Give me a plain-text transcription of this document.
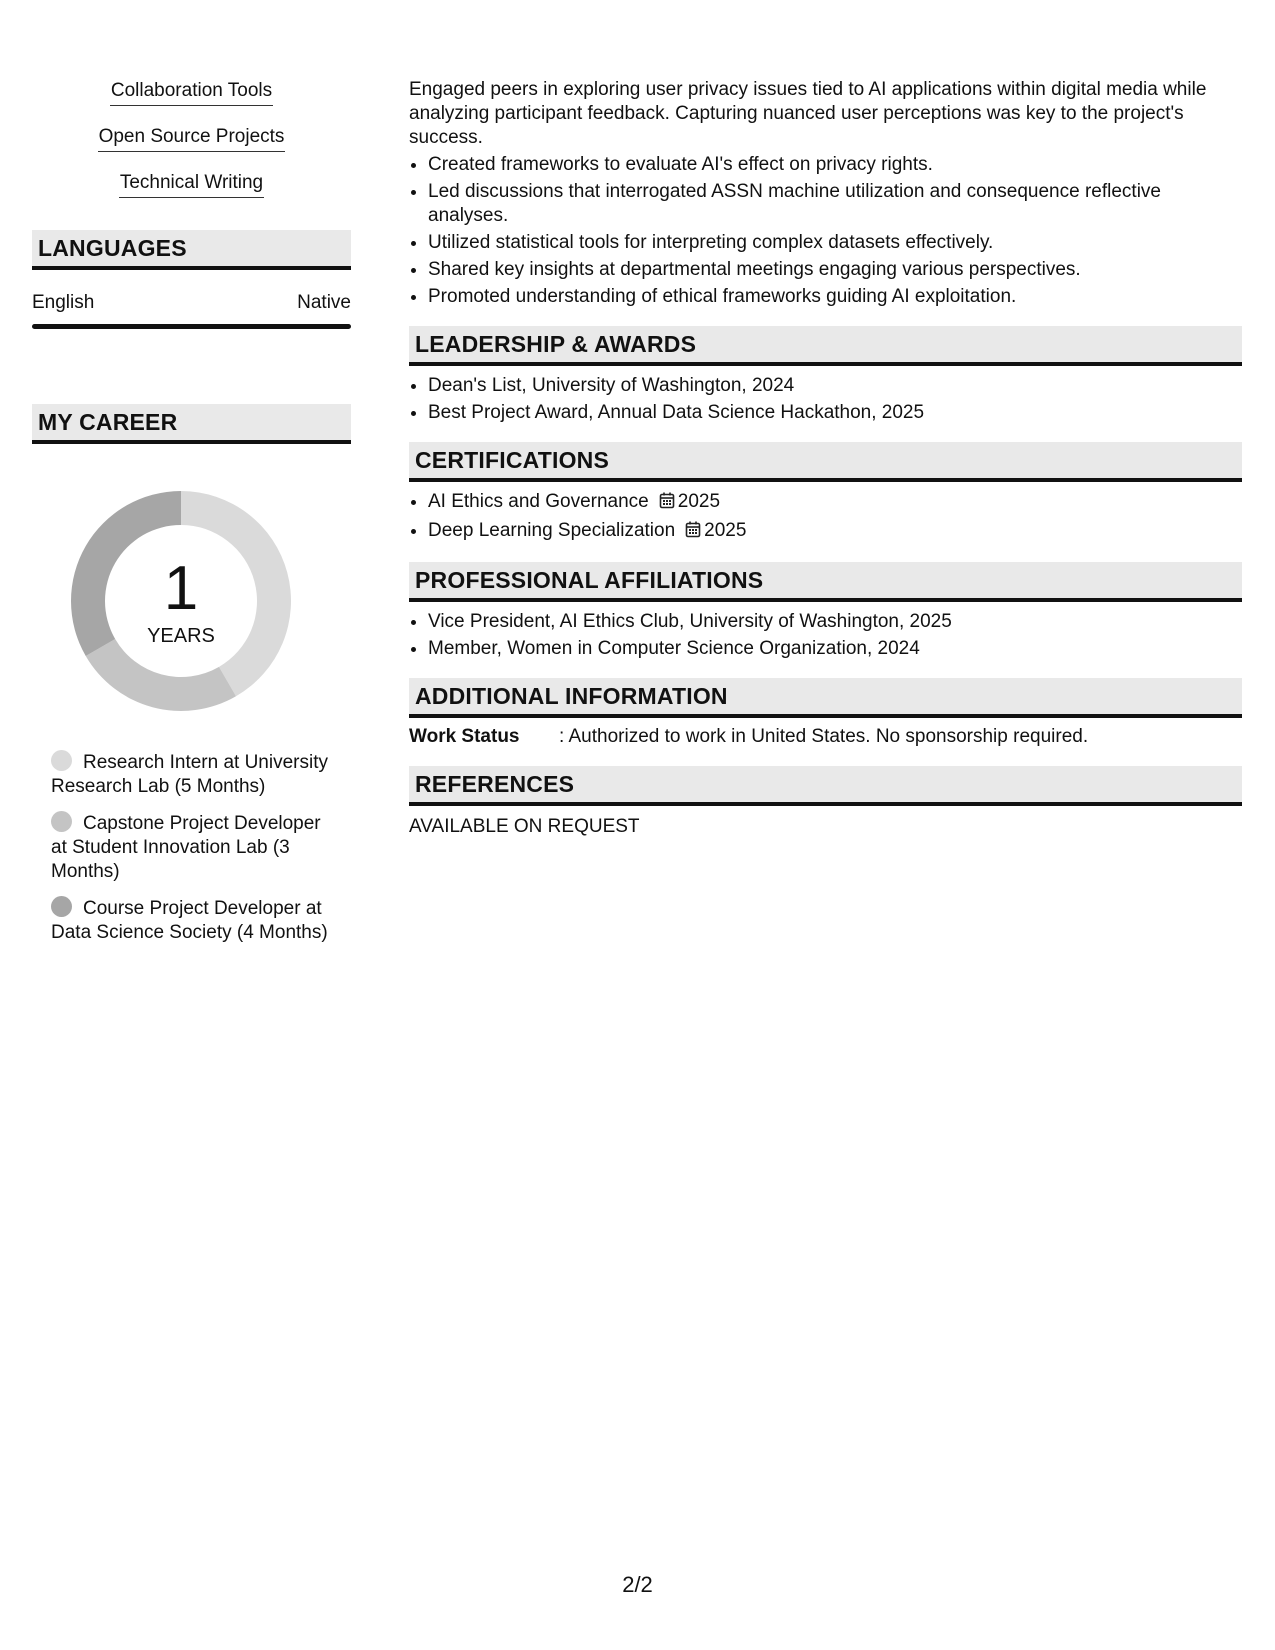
Collaboration Tools
Open Source Projects
Technical Writing
LANGUAGES
English	Native
MY CAREER
1
YEARS
Research Intern at University Research Lab (5 Months)
Capstone Project Developer at Student Innovation Lab (3 Months)
Course Project Developer at Data Science Society (4 Months)

Engaged peers in exploring user privacy issues tied to AI applications within digital media while analyzing participant feedback. Capturing nuanced user perceptions was key to the project's success.

• Created frameworks to evaluate AI's effect on privacy rights.
• Led discussions that interrogated ASSN machine utilization and consequence reflective analyses.
• Utilized statistical tools for interpreting complex datasets effectively.
• Shared key insights at departmental meetings engaging various perspectives.
• Promoted understanding of ethical frameworks guiding AI exploitation.
LEADERSHIP & AWARDS
• Dean's List, University of Washington, 2024
• Best Project Award, Annual Data Science Hackathon, 2025
CERTIFICATIONS
• AI Ethics and Governance 2025
• Deep Learning Specialization 2025
PROFESSIONAL AFFILIATIONS
• Vice President, AI Ethics Club, University of Washington, 2025
• Member, Women in Computer Science Organization, 2024
ADDITIONAL INFORMATION
Work Status	: Authorized to work in United States. No sponsorship required.
REFERENCES
AVAILABLE ON REQUEST
2/2
